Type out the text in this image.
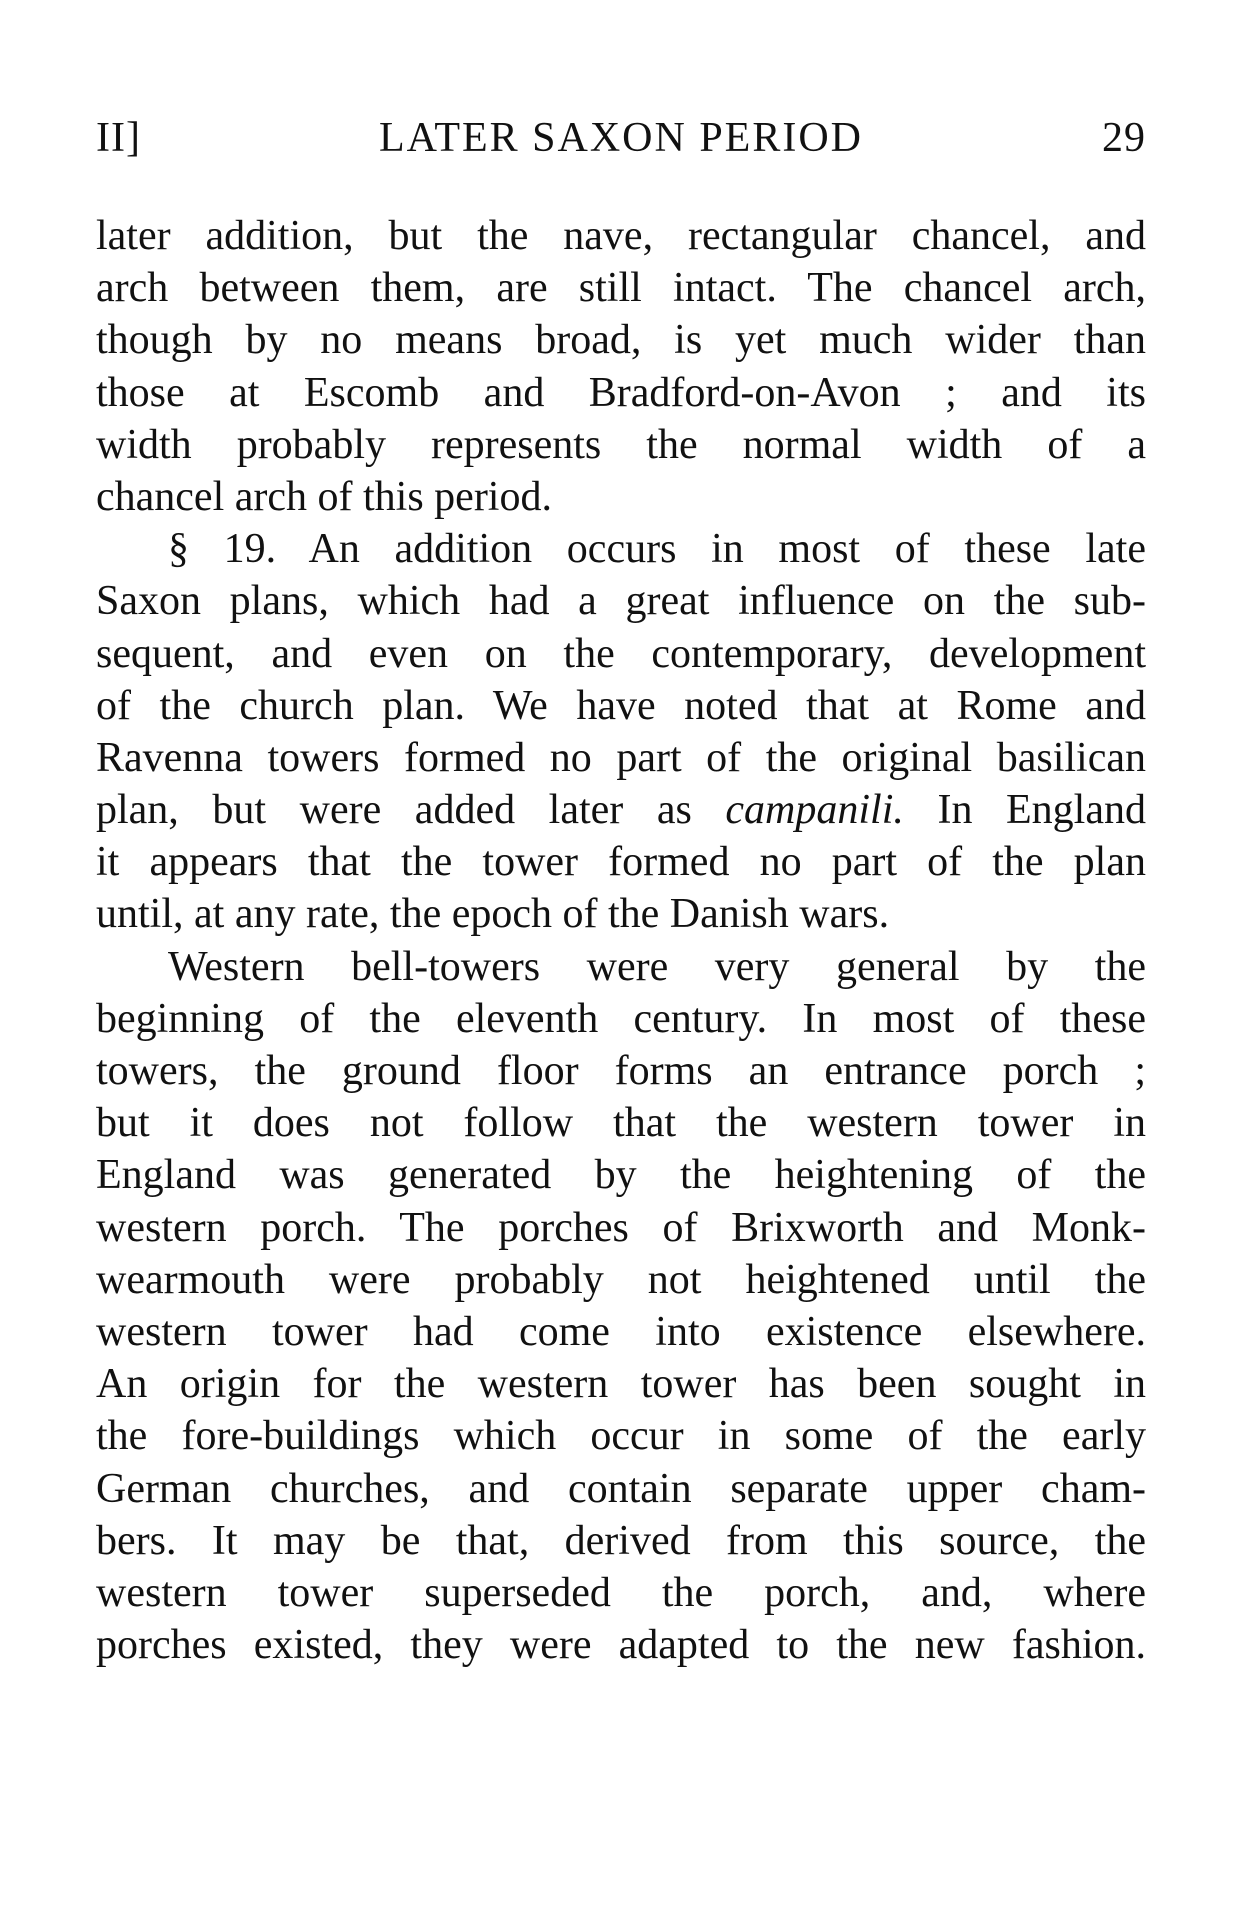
II]	LATER SAXON PERIOD	29
later addition, but the nave, rectangular chancel, and
arch between them, are still intact. The chancel arch,
though by no means broad, is yet much wider than
those at Escomb and Bradford-on-Avon ; and its
width probably represents the normal width of a
chancel arch of this period.
§ 19. An addition occurs in most of these late
Saxon plans, which had a great influence on the sub-
sequent, and even on the contemporary, development
of the church plan. We have noted that at Rome and
Ravenna towers formed no part of the original basilican
plan, but were added later as campanili. In England
it appears that the tower formed no part of the plan
until, at any rate, the epoch of the Danish wars.
Western bell-towers were very general by the
beginning of the eleventh century. In most of these
towers, the ground floor forms an entrance porch ;
but it does not follow that the western tower in
England was generated by the heightening of the
western porch. The porches of Brixworth and Monk-
wearmouth were probably not heightened until the
western tower had come into existence elsewhere.
An origin for the western tower has been sought in
the fore-buildings which occur in some of the early
German churches, and contain separate upper cham-
bers. It may be that, derived from this source, the
western tower superseded the porch, and, where
porches existed, they were adapted to the new fashion.
